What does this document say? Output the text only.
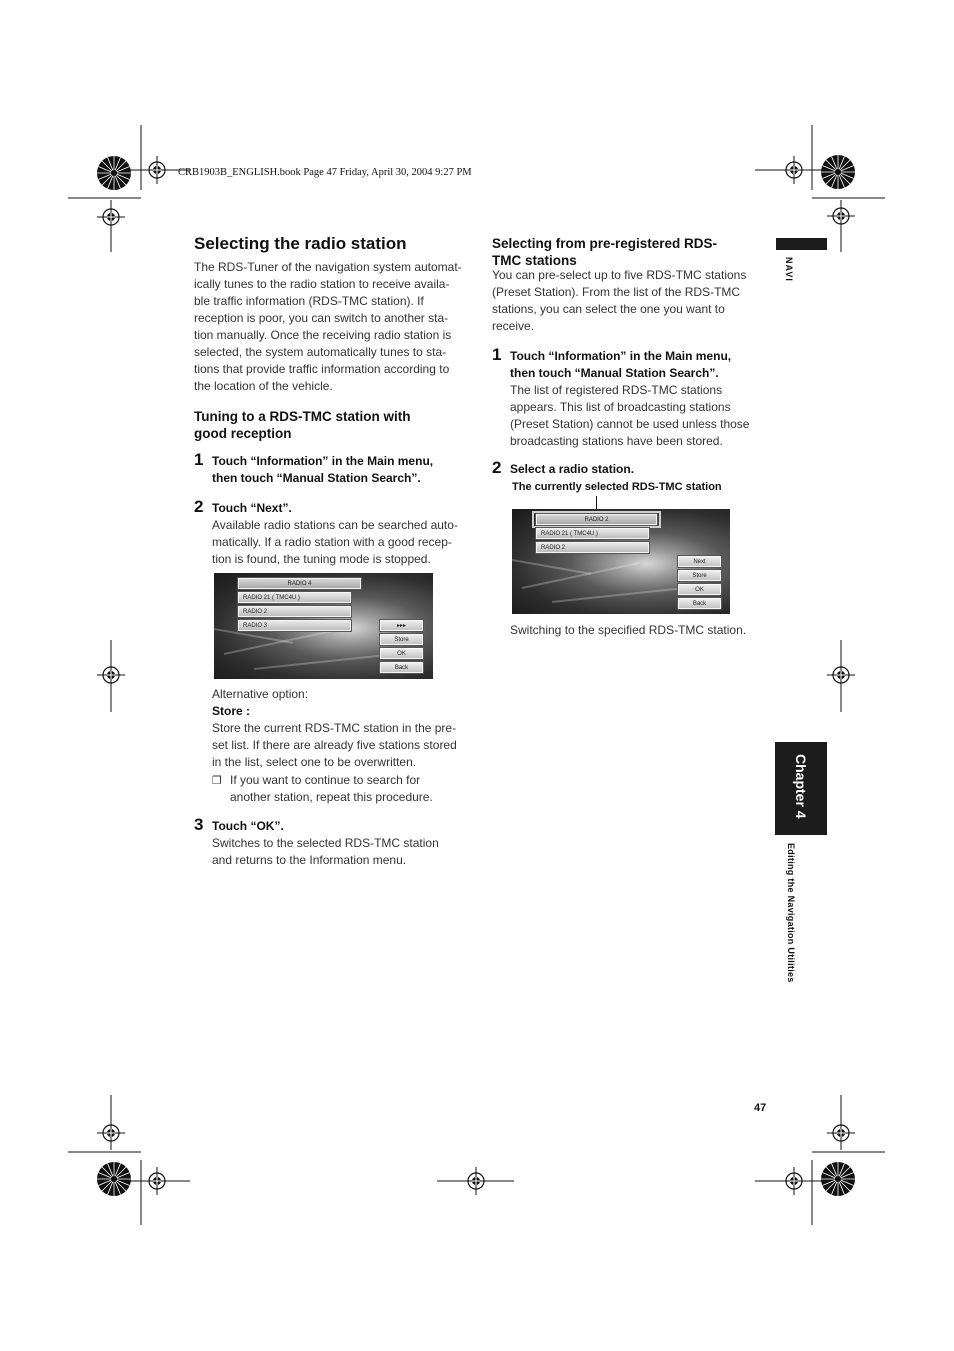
CRB1903B_ENGLISH.book Page 47 Friday, April 30, 2004 9:27 PM
Selecting the radio station

The RDS-Tuner of the navigation system automat-

ically tunes to the radio station to receive availa-

ble traffic information (RDS-TMC station). If

reception is poor, you can switch to another sta-

tion manually. Once the receiving radio station is

selected, the system automatically tunes to sta-

tions that provide traffic information according to

the location of the vehicle.

Tuning to a RDS-TMC station with
good reception
1 Touch “Information” in the Main menu,
then touch “Manual Station Search”.
2 Touch “Next”.

Available radio stations can be searched auto-

matically. If a radio station with a good recep-

tion is found, the tuning mode is stopped.

RADIO 4
RADIO 21 ( TMC4U )
RADIO 2
RADIO 3	▸▸▸
Store
OK
Back

Alternative option:

Store :

Store the current RDS-TMC station in the pre-

set list. If there are already five stations stored

in the list, select one to be overwritten.

❐ If you want to continue to search for

another station, repeat this procedure.

3 Touch “OK”.

Switches to the selected RDS-TMC station

and returns to the Information menu.

Selecting from pre-registered RDS-
TMC stations

You can pre-select up to five RDS-TMC stations

(Preset Station). From the list of the RDS-TMC

stations, you can select the one you want to

receive.

1 Touch “Information” in the Main menu,
then touch “Manual Station Search”.

The list of registered RDS-TMC stations

appears. This list of broadcasting stations

(Preset Station) cannot be used unless those

broadcasting stations have been stored.

2 Select a radio station.
The currently selected RDS-TMC station
RADIO 2
RADIO 21 ( TMC4U )
RADIO 2
Next
Store
OK
Back

Switching to the specified RDS-TMC station.

NAVI
Chapter 4
Editing the Navigation Utilities
47
